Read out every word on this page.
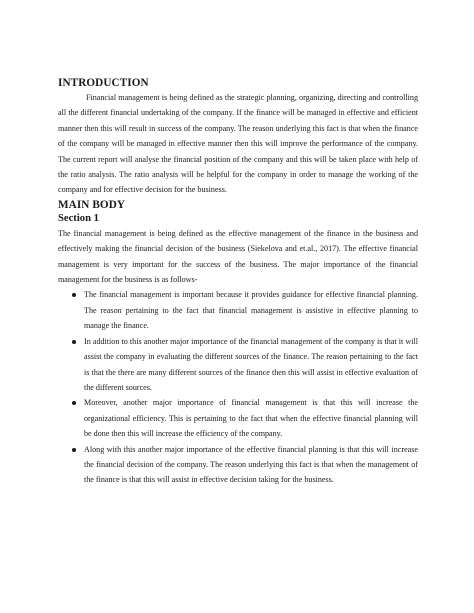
INTRODUCTION

Financial management is being defined as the strategic planning, organizing, directing and controlling all the different financial undertaking of the company. If the finance will be managed in effective and efficient manner then this will result in success of the company. The reason underlying this fact is that when the finance of the company will be managed in effective manner then this will improve the performance of the company. The current report will analyse the financial position of the company and this will be taken place with help of the ratio analysis. The ratio analysis will be helpful for the company in order to manage the working of the company and for effective decision for the business.

MAIN BODY
Section 1

The financial management is being defined as the effective management of the finance in the business and effectively making the financial decision of the business (Siekelova and et.al., 2017). The effective financial management is very important for the success of the business. The major importance of the financial management for the business is as follows-

The financial management is important because it provides guidance for effective financial planning. The reason pertaining to the fact that financial management is assistive in effective planning to manage the finance.

In addition to this another major importance of the financial management of the company is that it will assist the company in evaluating the different sources of the finance. The reason pertaining to the fact is that the there are many different sources of the finance then this will assist in effective evaluation of the different sources.

Moreover, another major importance of financial management is that this will increase the organizational efficiency. This is pertaining to the fact that when the effective financial planning will be done then this will increase the efficiency of the company.

Along with this another major importance of the effective financial planning is that this will increase the financial decision of the company. The reason underlying this fact is that when the management of the finance is that this will assist in effective decision taking for the business.
